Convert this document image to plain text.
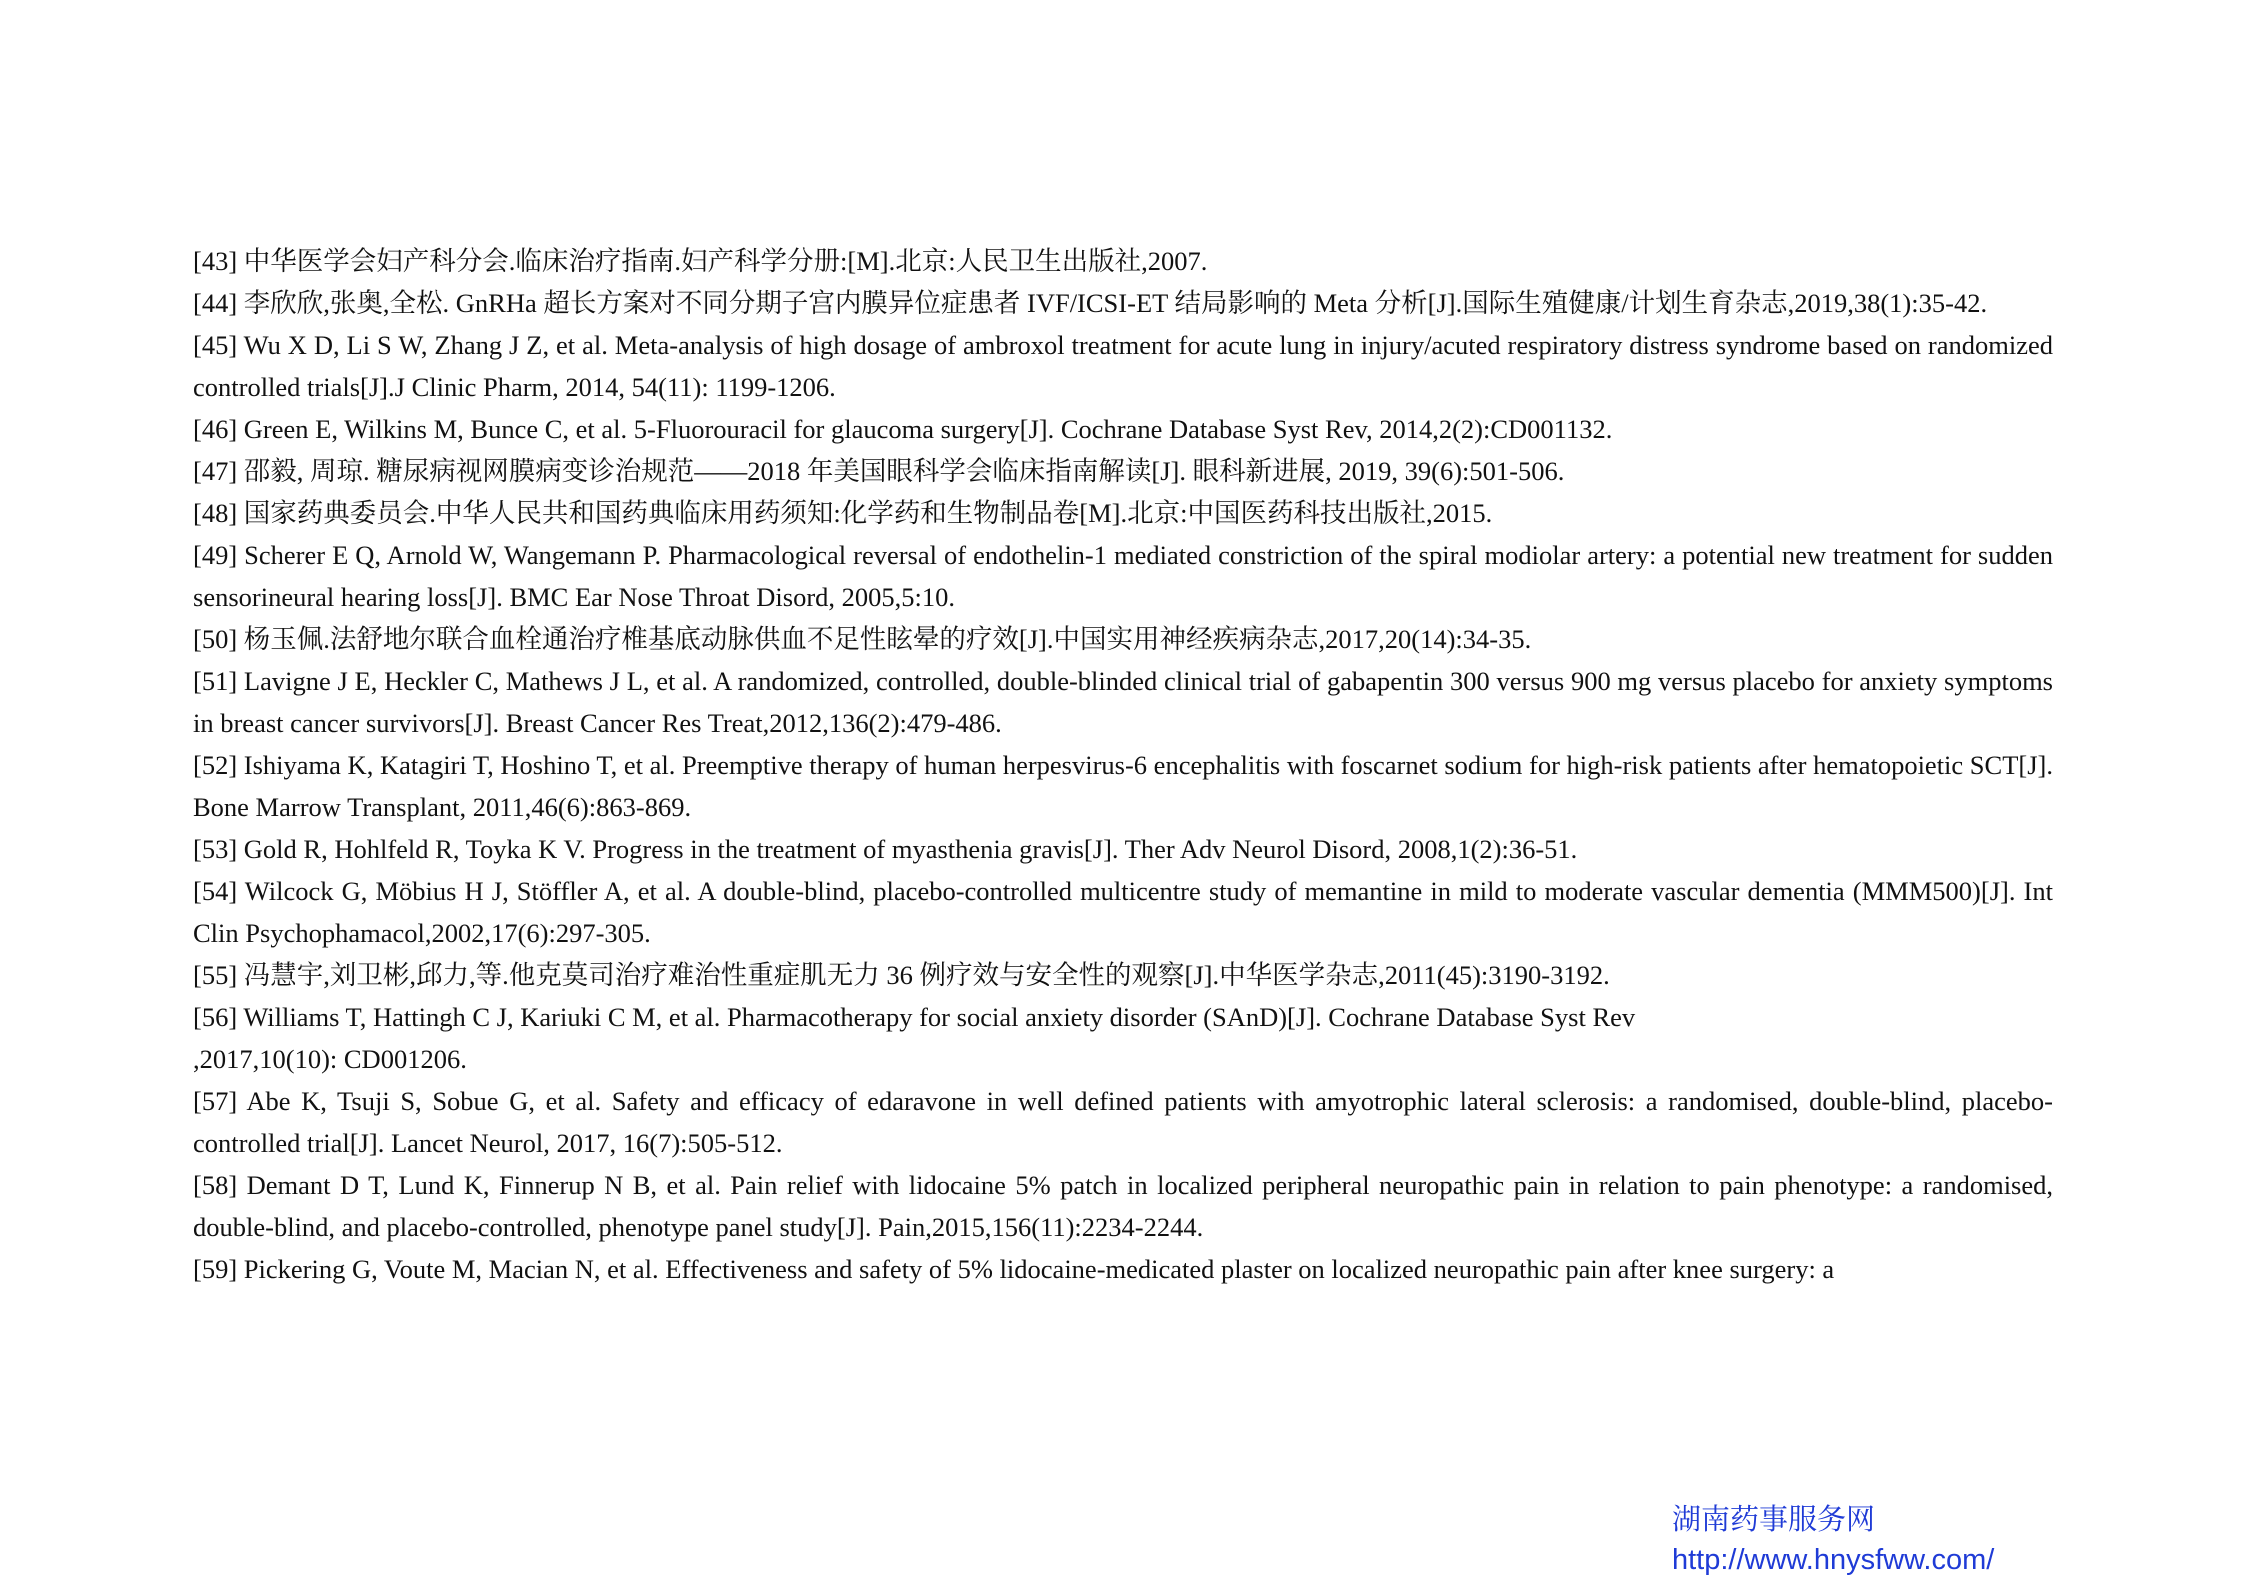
[43] 中华医学会妇产科分会.临床治疗指南.妇产科学分册:[M].北京:人民卫生出版社,2007.

[44] 李欣欣,张奥,全松. GnRHa 超长方案对不同分期子宫内膜异位症患者 IVF/ICSI-ET 结局影响的 Meta 分析[J].国际生殖健康/计划生育杂志,2019,38(1):35-42.

[45] Wu X D, Li S W, Zhang J Z, et al. Meta-analysis of high dosage of ambroxol treatment for acute lung in injury/acuted respiratory distress syndrome based on randomized controlled trials[J].J Clinic Pharm, 2014, 54(11): 1199-1206.

[46] Green E, Wilkins M, Bunce C, et al. 5-Fluorouracil for glaucoma surgery[J]. Cochrane Database Syst Rev, 2014,2(2):CD001132.

[47] 邵毅, 周琼. 糖尿病视网膜病变诊治规范——2018 年美国眼科学会临床指南解读[J]. 眼科新进展, 2019, 39(6):501-506.

[48] 国家药典委员会.中华人民共和国药典临床用药须知:化学药和生物制品卷[M].北京:中国医药科技出版社,2015.

[49] Scherer E Q, Arnold W, Wangemann P. Pharmacological reversal of endothelin-1 mediated constriction of the spiral modiolar artery: a potential new treatment for sudden sensorineural hearing loss[J]. BMC Ear Nose Throat Disord, 2005,5:10.

[50] 杨玉佩.法舒地尔联合血栓通治疗椎基底动脉供血不足性眩晕的疗效[J].中国实用神经疾病杂志,2017,20(14):34-35.

[51] Lavigne J E, Heckler C, Mathews J L, et al. A randomized, controlled, double-blinded clinical trial of gabapentin 300 versus 900 mg versus placebo for anxiety symptoms in breast cancer survivors[J]. Breast Cancer Res Treat,2012,136(2):479-486.

[52] Ishiyama K, Katagiri T, Hoshino T, et al. Preemptive therapy of human herpesvirus-6 encephalitis with foscarnet sodium for high-risk patients after hematopoietic SCT[J]. Bone Marrow Transplant, 2011,46(6):863-869.

[53] Gold R, Hohlfeld R, Toyka K V. Progress in the treatment of myasthenia gravis[J]. Ther Adv Neurol Disord, 2008,1(2):36-51.

[54] Wilcock G, Möbius H J, Stöffler A, et al. A double-blind, placebo-controlled multicentre study of memantine in mild to moderate vascular dementia (MMM500)[J]. Int Clin Psychophamacol,2002,17(6):297-305.

[55] 冯慧宇,刘卫彬,邱力,等.他克莫司治疗难治性重症肌无力 36 例疗效与安全性的观察[J].中华医学杂志,2011(45):3190-3192.

[56] Williams T, Hattingh C J, Kariuki C M, et al. Pharmacotherapy for social anxiety disorder (SAnD)[J]. Cochrane Database Syst Rev
,2017,10(10): CD001206.

[57] Abe K, Tsuji S, Sobue G, et al. Safety and efficacy of edaravone in well defined patients with amyotrophic lateral sclerosis: a randomised, double-blind, placebo-controlled trial[J]. Lancet Neurol, 2017, 16(7):505-512.

[58] Demant D T, Lund K, Finnerup N B, et al. Pain relief with lidocaine 5% patch in localized peripheral neuropathic pain in relation to pain phenotype: a randomised, double-blind, and placebo-controlled, phenotype panel study[J]. Pain,2015,156(11):2234-2244.

[59] Pickering G, Voute M, Macian N, et al. Effectiveness and safety of 5% lidocaine-medicated plaster on localized neuropathic pain after knee surgery: a

湖南药事服务网
http://www.hnysfww.com/
